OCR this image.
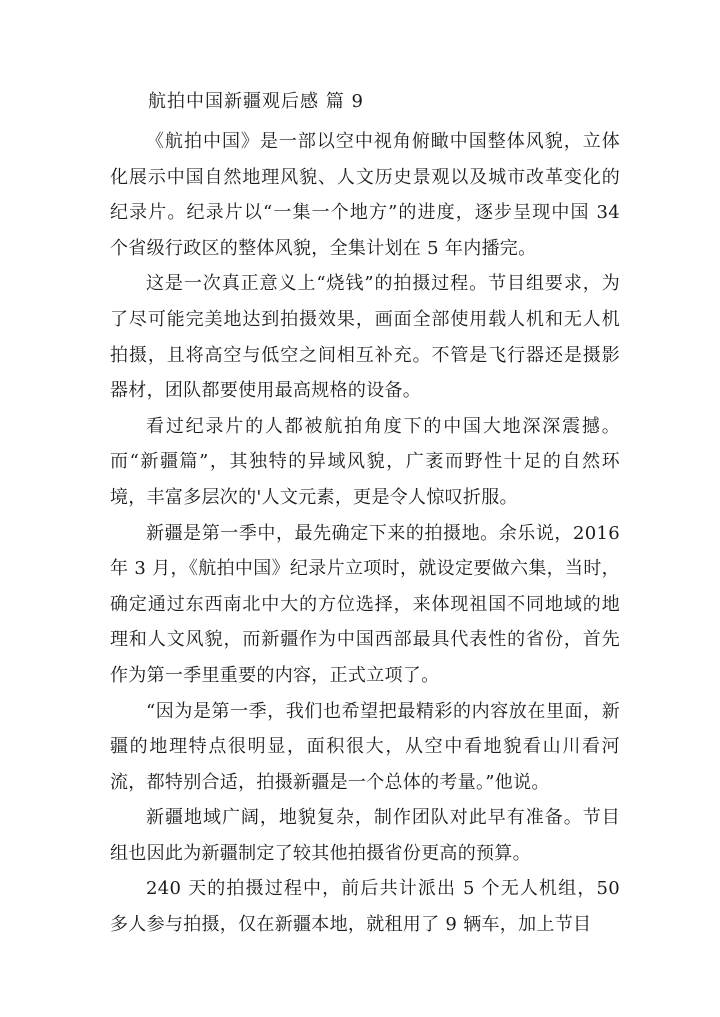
航拍中国新疆观后感 篇 9

《航拍中国》是一部以空中视角俯瞰中国整体风貌，立体化展示中国自然地理风貌、人文历史景观以及城市改革变化的纪录片。纪录片以“一集一个地方”的进度，逐步呈现中国 34 个省级行政区的整体风貌，全集计划在 5 年内播完。

这是一次真正意义上“烧钱”的拍摄过程。节目组要求，为了尽可能完美地达到拍摄效果，画面全部使用载人机和无人机拍摄，且将高空与低空之间相互补充。不管是飞行器还是摄影器材，团队都要使用最高规格的设备。

看过纪录片的人都被航拍角度下的中国大地深深震撼。而“新疆篇”，其独特的异域风貌，广袤而野性十足的自然环境，丰富多层次的'人文元素，更是令人惊叹折服。

新疆是第一季中，最先确定下来的拍摄地。余乐说，2016 年 3 月，《航拍中国》纪录片立项时，就设定要做六集，当时，确定通过东西南北中大的方位选择，来体现祖国不同地域的地理和人文风貌，而新疆作为中国西部最具代表性的省份，首先作为第一季里重要的内容，正式立项了。

“因为是第一季，我们也希望把最精彩的内容放在里面，新疆的地理特点很明显，面积很大，从空中看地貌看山川看河流，都特别合适，拍摄新疆是一个总体的考量。”他说。

新疆地域广阔，地貌复杂，制作团队对此早有准备。节目组也因此为新疆制定了较其他拍摄省份更高的预算。

240 天的拍摄过程中，前后共计派出 5 个无人机组，50 多人参与拍摄，仅在新疆本地，就租用了 9 辆车，加上节目
